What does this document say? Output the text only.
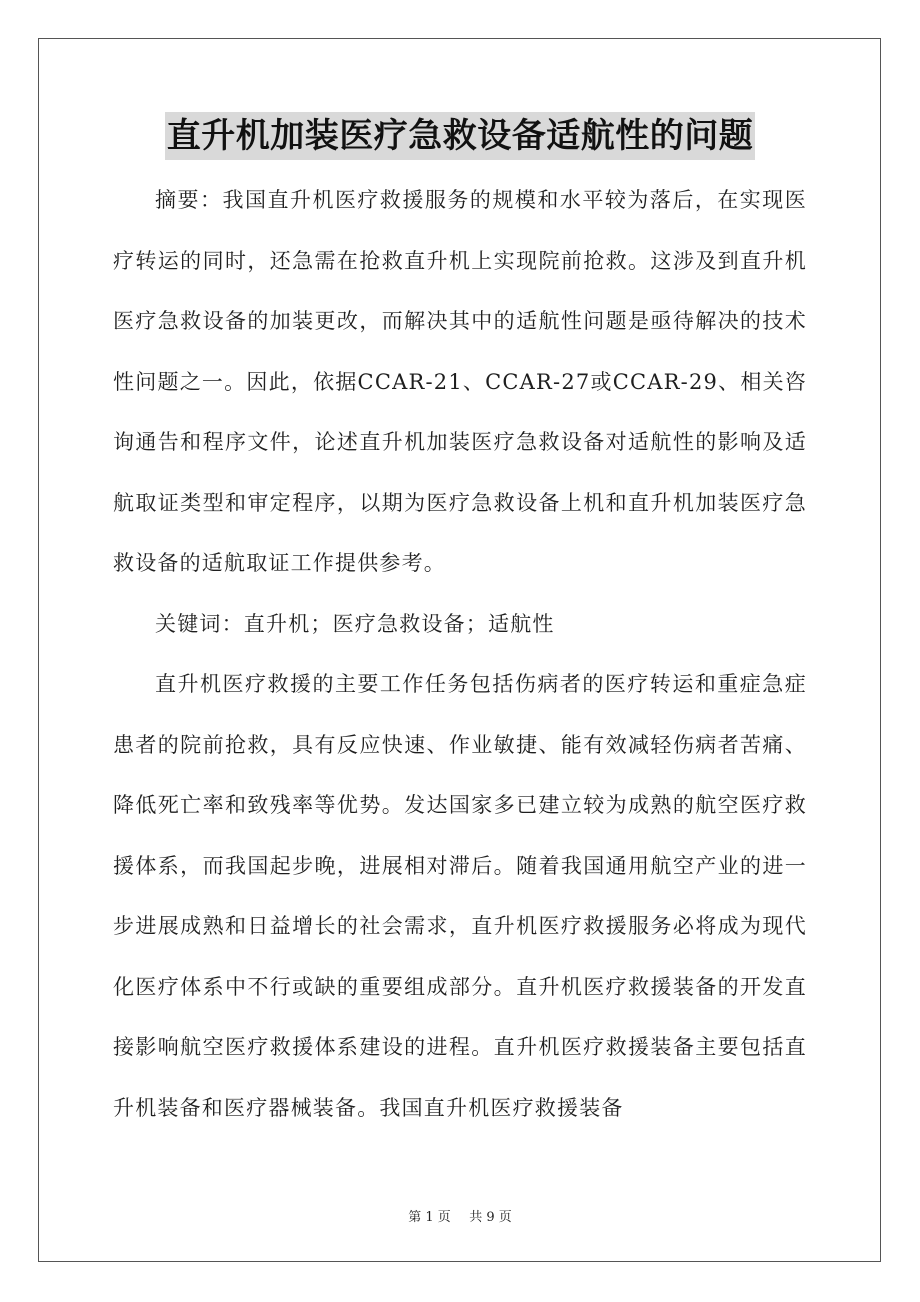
直升机加装医疗急救设备适航性的问题

摘要：我国直升机医疗救援服务的规模和水平较为落后，在实现医疗转运的同时，还急需在抢救直升机上实现院前抢救。这涉及到直升机医疗急救设备的加装更改，而解决其中的适航性问题是亟待解决的技术性问题之一。因此，依据CCAR-21、CCAR-27或CCAR-29、相关咨询通告和程序文件，论述直升机加装医疗急救设备对适航性的影响及适航取证类型和审定程序，以期为医疗急救设备上机和直升机加装医疗急救设备的适航取证工作提供参考。

关键词：直升机；医疗急救设备；适航性

直升机医疗救援的主要工作任务包括伤病者的医疗转运和重症急症患者的院前抢救，具有反应快速、作业敏捷、能有效减轻伤病者苦痛、降低死亡率和致残率等优势。发达国家多已建立较为成熟的航空医疗救援体系，而我国起步晚，进展相对滞后。随着我国通用航空产业的进一步进展成熟和日益增长的社会需求，直升机医疗救援服务必将成为现代化医疗体系中不行或缺的重要组成部分。直升机医疗救援装备的开发直接影响航空医疗救援体系建设的进程。直升机医疗救援装备主要包括直升机装备和医疗器械装备。我国直升机医疗救援装备

第 1 页 共 9 页
